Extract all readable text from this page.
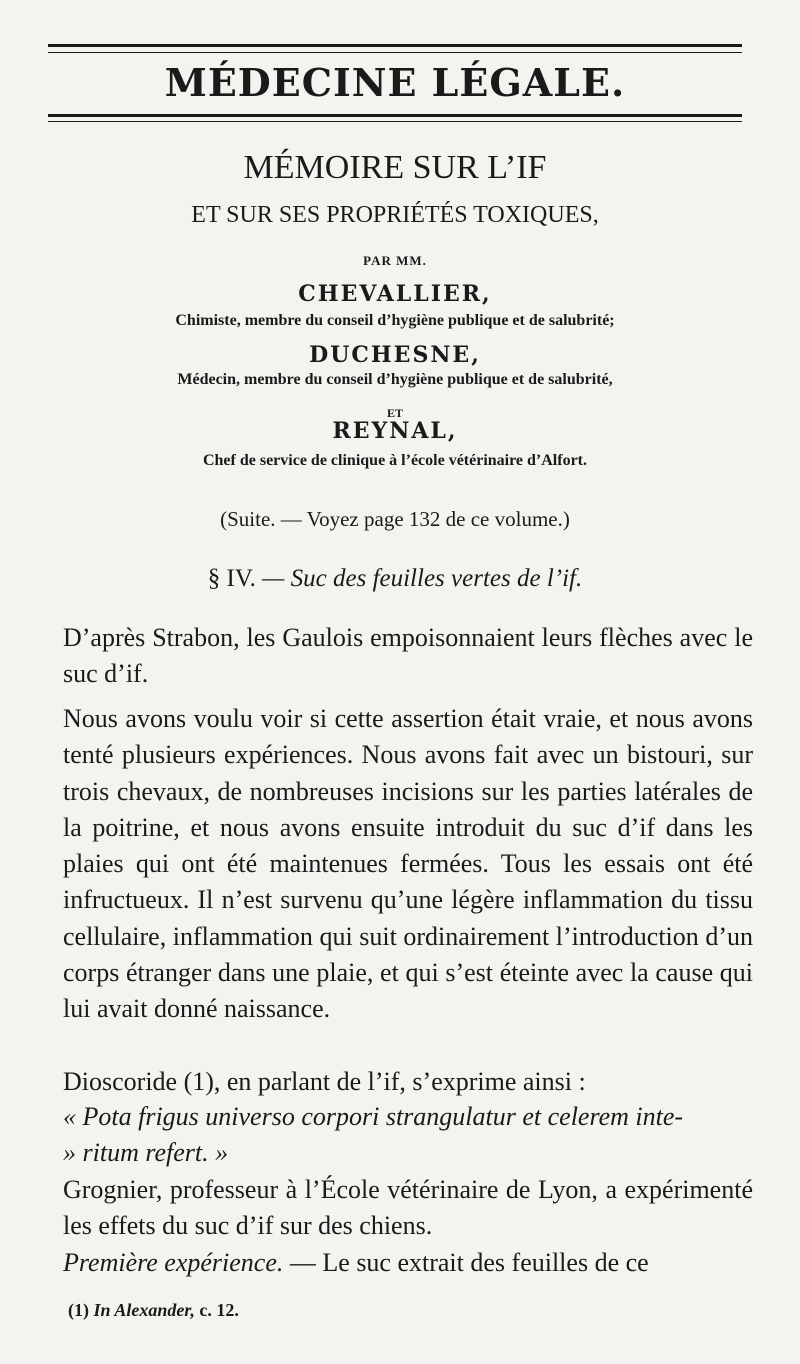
MÉDECINE LÉGALE.
MÉMOIRE SUR L’IF
ET SUR SES PROPRIÉTÉS TOXIQUES,
PAR MM.
CHEVALLIER,
Chimiste, membre du conseil d’hygiène publique et de salubrité;
DUCHESNE,
Médecin, membre du conseil d’hygiène publique et de salubrité,
ET
REYNAL,
Chef de service de clinique à l’école vétérinaire d’Alfort.
(Suite. — Voyez page 132 de ce volume.)
§ IV. — Suc des feuilles vertes de l’if.

D’après Strabon, les Gaulois empoisonnaient leurs flèches avec le suc d’if.

Nous avons voulu voir si cette assertion était vraie, et nous avons tenté plusieurs expériences. Nous avons fait avec un bistouri, sur trois chevaux, de nombreuses incisions sur les parties latérales de la poitrine, et nous avons ensuite introduit du suc d’if dans les plaies qui ont été maintenues fermées. Tous les essais ont été infructueux. Il n’est survenu qu’une légère inflammation du tissu cellulaire, inflammation qui suit ordinairement l’introduction d’un corps étranger dans une plaie, et qui s’est éteinte avec la cause qui lui avait donné naissance.

Dioscoride (1), en parlant de l’if, s’exprime ainsi :

« Pota frigus universo corpori strangulatur et celerem inte-

» ritum refert. »

Grognier, professeur à l’École vétérinaire de Lyon, a expérimenté les effets du suc d’if sur des chiens.

Première expérience. — Le suc extrait des feuilles de ce

(1) In Alexander, c. 12.
